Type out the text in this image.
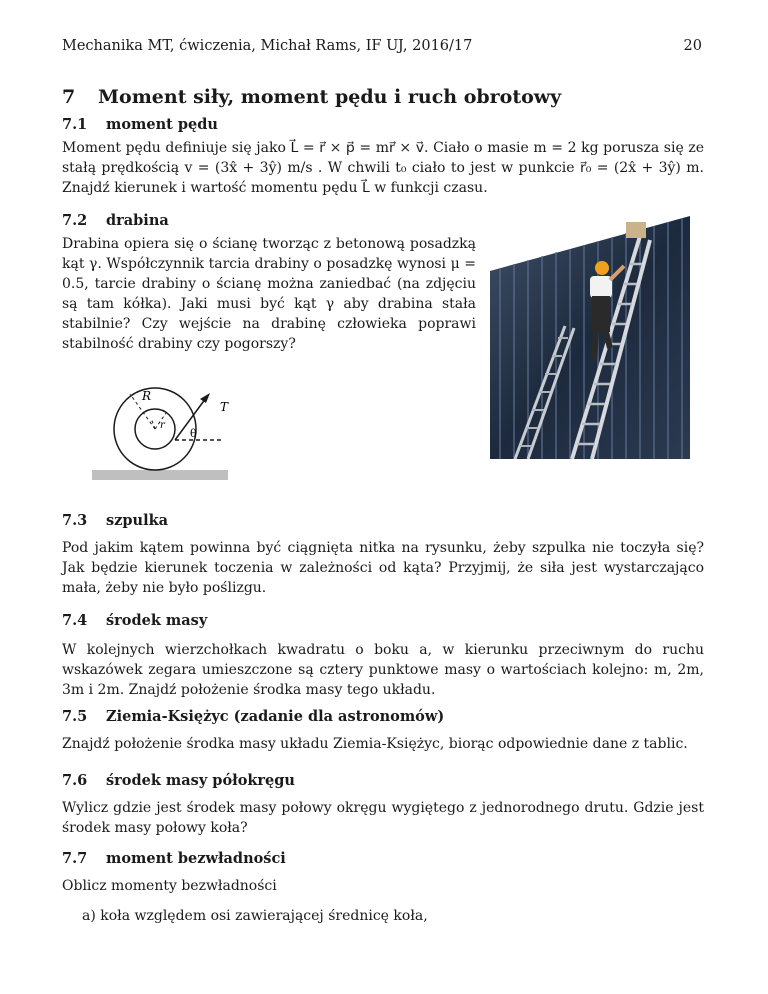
Mechanika MT, ćwiczenia, Michał Rams, IF UJ, 2016/17	20
7 Moment siły, moment pędu i ruch obrotowy
7.1 moment pędu
Moment pędu definiuje się jako L⃗ = r⃗ × p⃗ = mr⃗ × v⃗. Ciało o masie m = 2 kg porusza się ze stałą prędkością v = (3x̂ + 3ŷ) m/s . W chwili t₀ ciało to jest w punkcie r⃗₀ = (2x̂ + 3ŷ) m. Znajdź kierunek i wartość momentu pędu L⃗ w funkcji czasu.
7.2 drabina
Drabina opiera się o ścianę tworząc z betonową posadzką kąt γ. Współczynnik tarcia drabiny o posadzkę wynosi μ = 0.5, tarcie drabiny o ścianę można zaniedbać (na zdjęciu są tam kółka). Jaki musi być kąt γ aby drabina stała stabilnie? Czy wejście na drabinę człowieka poprawi stabilność drabiny czy pogorszy?
R
r
T
θ
7.3 szpulka
Pod jakim kątem powinna być ciągnięta nitka na rysunku, żeby szpulka nie toczyła się? Jak będzie kierunek toczenia w zależności od kąta? Przyjmij, że siła jest wystarczająco mała, żeby nie było poślizgu.
7.4 środek masy
W kolejnych wierzchołkach kwadratu o boku a, w kierunku przeciwnym do ruchu wskazówek zegara umieszczone są cztery punktowe masy o wartościach kolejno: m, 2m, 3m i 2m. Znajdź położenie środka masy tego układu.
7.5 Ziemia-Księżyc (zadanie dla astronomów)
Znajdź położenie środka masy układu Ziemia-Księżyc, biorąc odpowiednie dane z tablic.
7.6 środek masy półokręgu
Wylicz gdzie jest środek masy połowy okręgu wygiętego z jednorodnego drutu. Gdzie jest środek masy połowy koła?
7.7 moment bezwładności
Oblicz momenty bezwładności
a) koła względem osi zawierającej średnicę koła,
